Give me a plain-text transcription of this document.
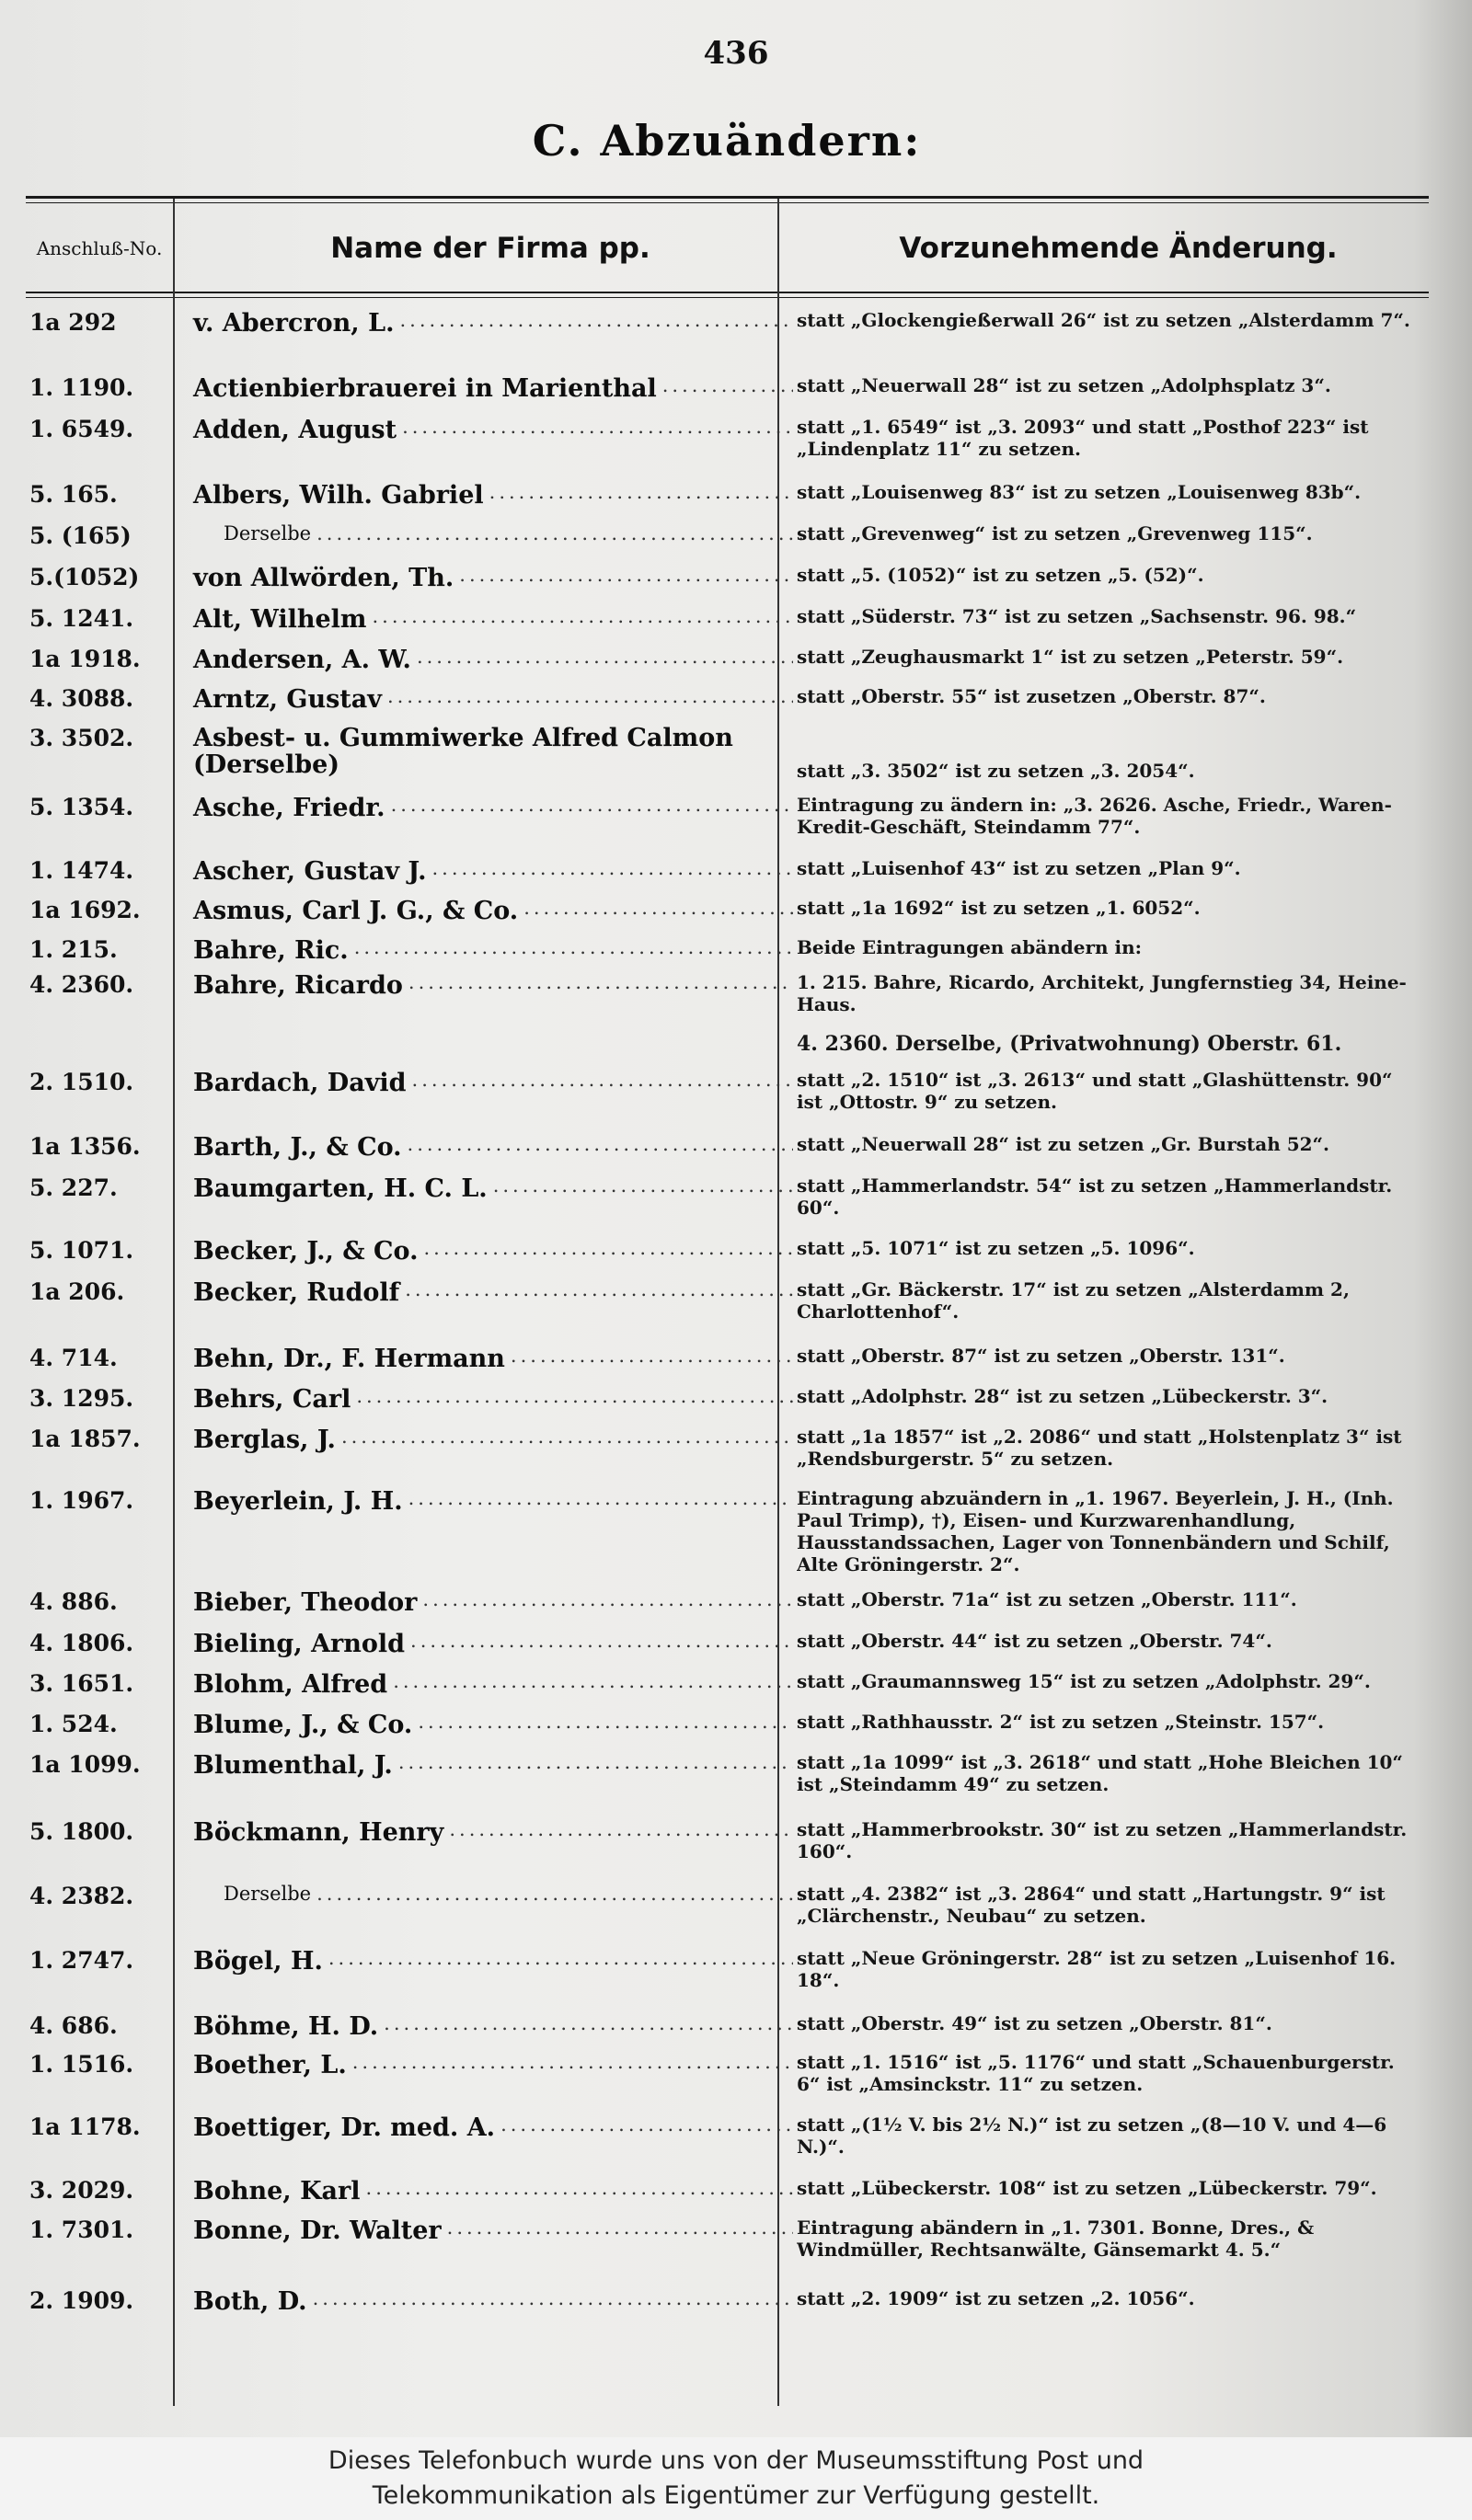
436
C. Abzuändern:
Anschluß-No.	Name der Firma pp.	Vorzunehmende Änderung.
1a 292	v. Abercron, L. .....	statt „Glockengießerwall 26“ ist zu setzen „Alsterdamm 7“.
1. 1190.	Actienbierbrauerei in Marienthal .....	statt „Neuerwall 28“ ist zu setzen „Adolphsplatz 3“.
1. 6549.	Adden, August .....	statt „1. 6549“ ist „3. 2093“ und statt „Posthof 223“ ist „Lindenplatz 11“ zu setzen.
5. 165.	Albers, Wilh. Gabriel .....	statt „Louisenweg 83“ ist zu setzen „Louisenweg 83b“.
5. (165)	Derselbe .....	statt „Grevenweg“ ist zu setzen „Grevenweg 115“.
5.(1052)	von Allwörden, Th. .....	statt „5. (1052)“ ist zu setzen „5. (52)“.
5. 1241.	Alt, Wilhelm .....	statt „Süderstr. 73“ ist zu setzen „Sachsenstr. 96. 98.“
1a 1918.	Andersen, A. W. .....	statt „Zeughausmarkt 1“ ist zu setzen „Peterstr. 59“.
4. 3088.	Arntz, Gustav .....	statt „Oberstr. 55“ ist zusetzen „Oberstr. 87“.
3. 3502.	Asbest- u. Gummiwerke Alfred Calmon (Derselbe)	statt „3. 3502“ ist zu setzen „3. 2054“.
5. 1354.	Asche, Friedr. .....	Eintragung zu ändern in: „3. 2626. Asche, Friedr., Waren-Kredit-Geschäft, Steindamm 77“.
1. 1474.	Ascher, Gustav J. .....	statt „Luisenhof 43“ ist zu setzen „Plan 9“.
1a 1692.	Asmus, Carl J. G., & Co. .....	statt „1a 1692“ ist zu setzen „1. 6052“.
1. 215.	Bahre, Ric. .....	Beide Eintragungen abändern in:
4. 2360.	Bahre, Ricardo .....	1. 215. Bahre, Ricardo, Architekt, Jungfernstieg 34, Heine-Haus.
4. 2360. Derselbe, (Privatwohnung) Oberstr. 61.
2. 1510.	Bardach, David .....	statt „2. 1510“ ist „3. 2613“ und statt „Glashüttenstr. 90“ ist „Ottostr. 9“ zu setzen.
1a 1356.	Barth, J., & Co. .....	statt „Neuerwall 28“ ist zu setzen „Gr. Burstah 52“.
5. 227.	Baumgarten, H. C. L. .....	statt „Hammerlandstr. 54“ ist zu setzen „Hammerlandstr. 60“.
5. 1071.	Becker, J., & Co. .....	statt „5. 1071“ ist zu setzen „5. 1096“.
1a 206.	Becker, Rudolf .....	statt „Gr. Bäckerstr. 17“ ist zu setzen „Alsterdamm 2, Charlottenhof“.
4. 714.	Behn, Dr., F. Hermann .....	statt „Oberstr. 87“ ist zu setzen „Oberstr. 131“.
3. 1295.	Behrs, Carl .....	statt „Adolphstr. 28“ ist zu setzen „Lübeckerstr. 3“.
1a 1857.	Berglas, J. .....	statt „1a 1857“ ist „2. 2086“ und statt „Holstenplatz 3“ ist „Rendsburgerstr. 5“ zu setzen.
1. 1967.	Beyerlein, J. H. .....	Eintragung abzuändern in „1. 1967. Beyerlein, J. H., (Inh. Paul Trimp), †), Eisen- und Kurzwarenhandlung, Hausstandssachen, Lager von Tonnenbändern und Schilf, Alte Gröningerstr. 2“.
4. 886.	Bieber, Theodor .....	statt „Oberstr. 71a“ ist zu setzen „Oberstr. 111“.
4. 1806.	Bieling, Arnold .....	statt „Oberstr. 44“ ist zu setzen „Oberstr. 74“.
3. 1651.	Blohm, Alfred .....	statt „Graumannsweg 15“ ist zu setzen „Adolphstr. 29“.
1. 524.	Blume, J., & Co. .....	statt „Rathhausstr. 2“ ist zu setzen „Steinstr. 157“.
1a 1099.	Blumenthal, J. .....	statt „1a 1099“ ist „3. 2618“ und statt „Hohe Bleichen 10“ ist „Steindamm 49“ zu setzen.
5. 1800.	Böckmann, Henry .....	statt „Hammerbrookstr. 30“ ist zu setzen „Hammerlandstr. 160“.
4. 2382.	Derselbe .....	statt „4. 2382“ ist „3. 2864“ und statt „Hartungstr. 9“ ist „Clärchenstr., Neubau“ zu setzen.
1. 2747.	Bögel, H. .....	statt „Neue Gröningerstr. 28“ ist zu setzen „Luisenhof 16. 18“.
4. 686.	Böhme, H. D. .....	statt „Oberstr. 49“ ist zu setzen „Oberstr. 81“.
1. 1516.	Boether, L. .....	statt „1. 1516“ ist „5. 1176“ und statt „Schauenburgerstr. 6“ ist „Amsinckstr. 11“ zu setzen.
1a 1178.	Boettiger, Dr. med. A. .....	statt „(1½ V. bis 2½ N.)“ ist zu setzen „(8—10 V. und 4—6 N.)“.
3. 2029.	Bohne, Karl .....	statt „Lübeckerstr. 108“ ist zu setzen „Lübeckerstr. 79“.
1. 7301.	Bonne, Dr. Walter .....	Eintragung abändern in „1. 7301. Bonne, Dres., & Windmüller, Rechtsanwälte, Gänsemarkt 4. 5.“
2. 1909.	Both, D. .....	statt „2. 1909“ ist zu setzen „2. 1056“.
Dieses Telefonbuch wurde uns von der Museumsstiftung Post und
Telekommunikation als Eigentümer zur Verfügung gestellt.
